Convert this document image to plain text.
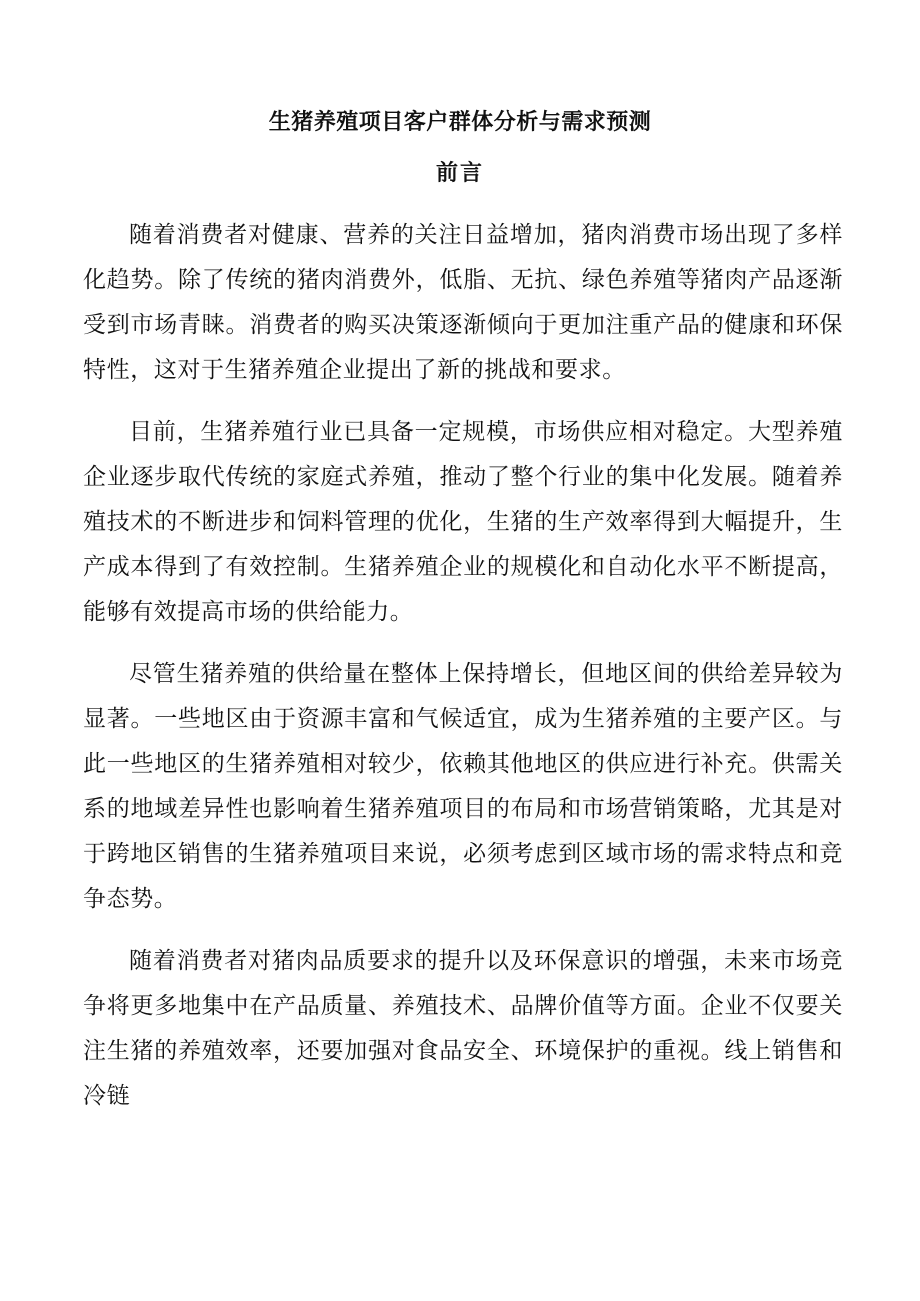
生猪养殖项目客户群体分析与需求预测
前言

随着消费者对健康、营养的关注日益增加，猪肉消费市场出现了多样化趋势。除了传统的猪肉消费外，低脂、无抗、绿色养殖等猪肉产品逐渐受到市场青睐。消费者的购买决策逐渐倾向于更加注重产品的健康和环保特性，这对于生猪养殖企业提出了新的挑战和要求。

目前，生猪养殖行业已具备一定规模，市场供应相对稳定。大型养殖企业逐步取代传统的家庭式养殖，推动了整个行业的集中化发展。随着养殖技术的不断进步和饲料管理的优化，生猪的生产效率得到大幅提升，生产成本得到了有效控制。生猪养殖企业的规模化和自动化水平不断提高，能够有效提高市场的供给能力。

尽管生猪养殖的供给量在整体上保持增长，但地区间的供给差异较为显著。一些地区由于资源丰富和气候适宜，成为生猪养殖的主要产区。与此一些地区的生猪养殖相对较少，依赖其他地区的供应进行补充。供需关系的地域差异性也影响着生猪养殖项目的布局和市场营销策略，尤其是对于跨地区销售的生猪养殖项目来说，必须考虑到区域市场的需求特点和竞争态势。

随着消费者对猪肉品质要求的提升以及环保意识的增强，未来市场竞争将更多地集中在产品质量、养殖技术、品牌价值等方面。企业不仅要关注生猪的养殖效率，还要加强对食品安全、环境保护的重视。线上销售和冷链
